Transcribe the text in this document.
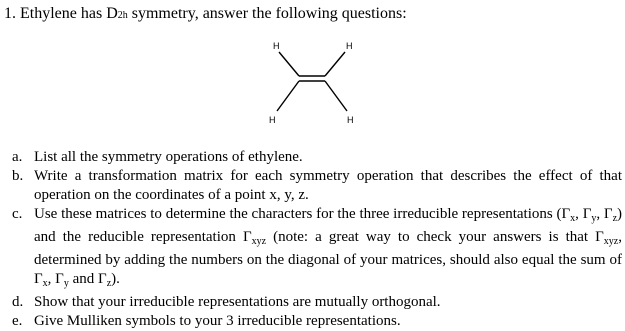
1. Ethylene has D2h symmetry, answer the following questions:
H	H
H	H
a. List all the symmetry operations of ethylene.
b. Write a transformation matrix for each symmetry operation that describes the effect of that operation on the coordinates of a point x, y, z.
c. Use these matrices to determine the characters for the three irreducible representations ($\Gamma_x$, $\Gamma_y$, $\Gamma_z$) and the reducible representation $\Gamma_{xyz}$ (note: a great way to check your answers is that $\Gamma_{xyz}$, determined by adding the numbers on the diagonal of your matrices, should also equal the sum of $\Gamma_x$, $\Gamma_y$ and $\Gamma_z$).
d. Show that your irreducible representations are mutually orthogonal.
e. Give Mulliken symbols to your 3 irreducible representations.
